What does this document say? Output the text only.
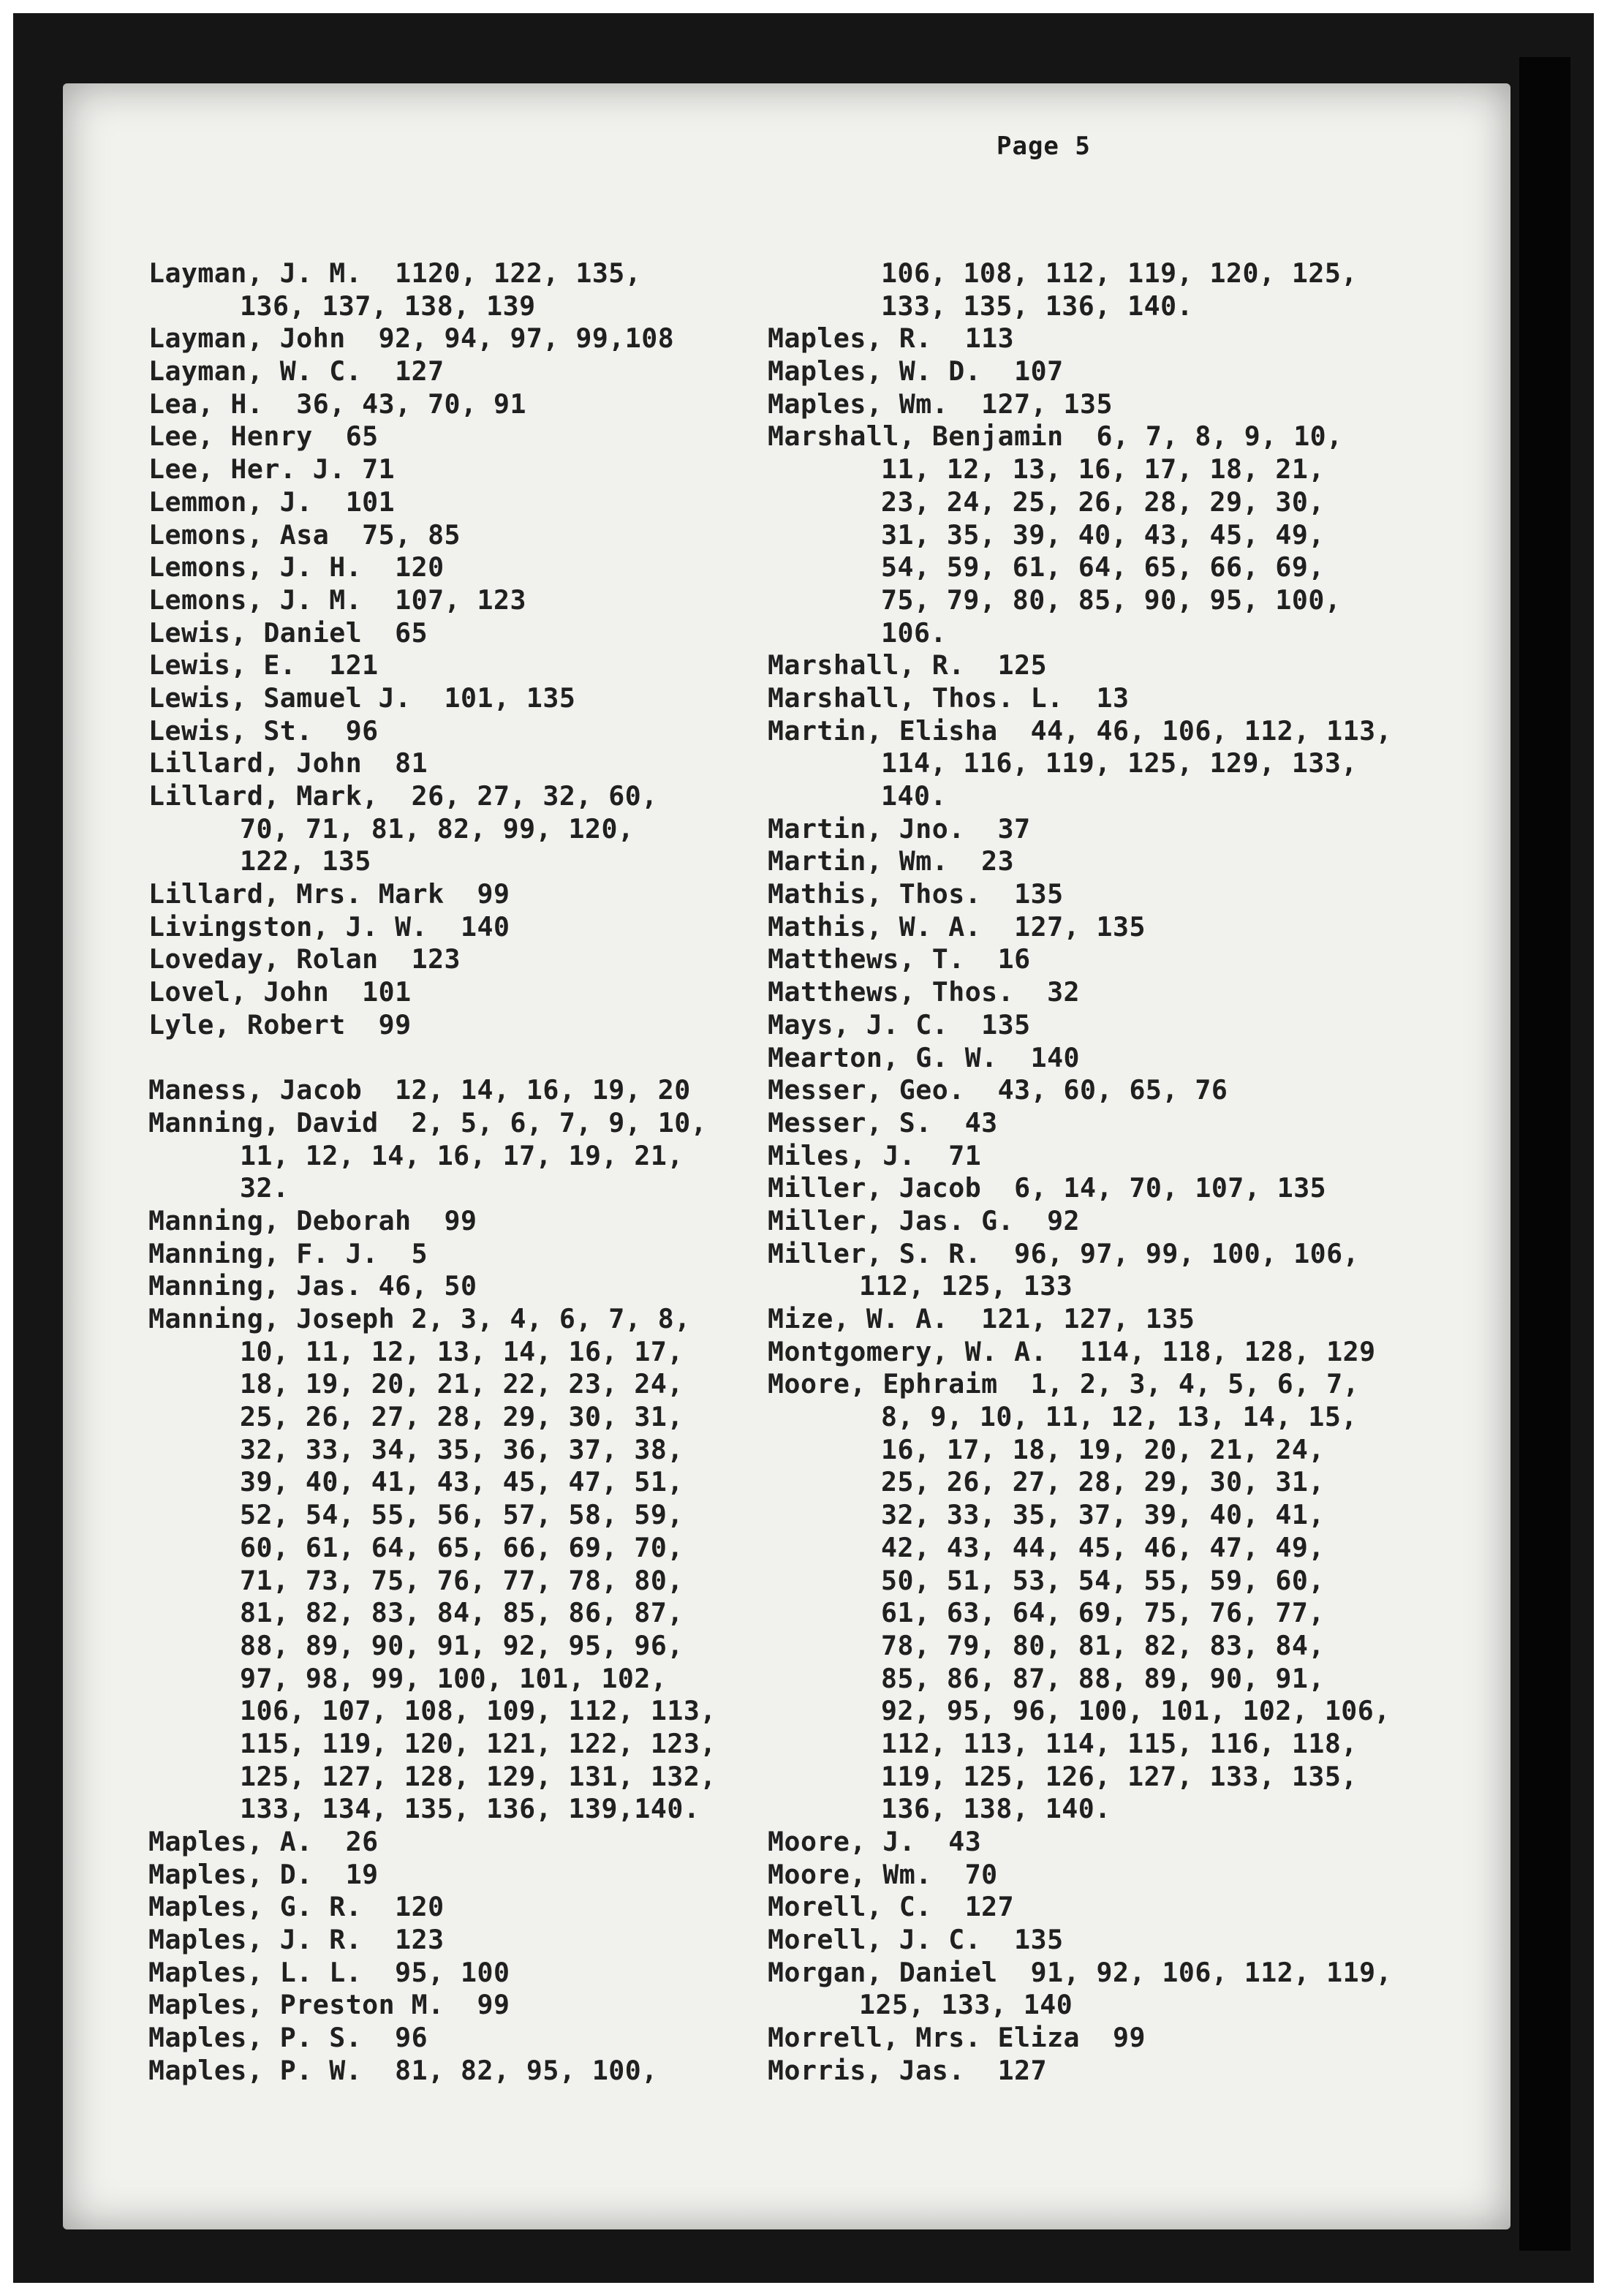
Page 5
Layman, J. M.  1120, 122, 135,
136, 137, 138, 139
Layman, John  92, 94, 97, 99,108
Layman, W. C.  127
Lea, H.  36, 43, 70, 91
Lee, Henry  65
Lee, Her. J. 71
Lemmon, J.  101
Lemons, Asa  75, 85
Lemons, J. H.  120
Lemons, J. M.  107, 123
Lewis, Daniel  65
Lewis, E.  121
Lewis, Samuel J.  101, 135
Lewis, St.  96
Lillard, John  81
Lillard, Mark,  26, 27, 32, 60,
70, 71, 81, 82, 99, 120,
122, 135
Lillard, Mrs. Mark  99
Livingston, J. W.  140
Loveday, Rolan  123
Lovel, John  101
Lyle, Robert  99
Maness, Jacob  12, 14, 16, 19, 20
Manning, David  2, 5, 6, 7, 9, 10,
11, 12, 14, 16, 17, 19, 21,
32.
Manning, Deborah  99
Manning, F. J.  5
Manning, Jas. 46, 50
Manning, Joseph 2, 3, 4, 6, 7, 8,
10, 11, 12, 13, 14, 16, 17,
18, 19, 20, 21, 22, 23, 24,
25, 26, 27, 28, 29, 30, 31,
32, 33, 34, 35, 36, 37, 38,
39, 40, 41, 43, 45, 47, 51,
52, 54, 55, 56, 57, 58, 59,
60, 61, 64, 65, 66, 69, 70,
71, 73, 75, 76, 77, 78, 80,
81, 82, 83, 84, 85, 86, 87,
88, 89, 90, 91, 92, 95, 96,
97, 98, 99, 100, 101, 102,
106, 107, 108, 109, 112, 113,
115, 119, 120, 121, 122, 123,
125, 127, 128, 129, 131, 132,
133, 134, 135, 136, 139,140.
Maples, A.  26
Maples, D.  19
Maples, G. R.  120
Maples, J. R.  123
Maples, L. L.  95, 100
Maples, Preston M.  99
Maples, P. S.  96
Maples, P. W.  81, 82, 95, 100,
106, 108, 112, 119, 120, 125,
133, 135, 136, 140.
Maples, R.  113
Maples, W. D.  107
Maples, Wm.  127, 135
Marshall, Benjamin  6, 7, 8, 9, 10,
11, 12, 13, 16, 17, 18, 21,
23, 24, 25, 26, 28, 29, 30,
31, 35, 39, 40, 43, 45, 49,
54, 59, 61, 64, 65, 66, 69,
75, 79, 80, 85, 90, 95, 100,
106.
Marshall, R.  125
Marshall, Thos. L.  13
Martin, Elisha  44, 46, 106, 112, 113,
114, 116, 119, 125, 129, 133,
140.
Martin, Jno.  37
Martin, Wm.  23
Mathis, Thos.  135
Mathis, W. A.  127, 135
Matthews, T.  16
Matthews, Thos.  32
Mays, J. C.  135
Mearton, G. W.  140
Messer, Geo.  43, 60, 65, 76
Messer, S.  43
Miles, J.  71
Miller, Jacob  6, 14, 70, 107, 135
Miller, Jas. G.  92
Miller, S. R.  96, 97, 99, 100, 106,
112, 125, 133
Mize, W. A.  121, 127, 135
Montgomery, W. A.  114, 118, 128, 129
Moore, Ephraim  1, 2, 3, 4, 5, 6, 7,
8, 9, 10, 11, 12, 13, 14, 15,
16, 17, 18, 19, 20, 21, 24,
25, 26, 27, 28, 29, 30, 31,
32, 33, 35, 37, 39, 40, 41,
42, 43, 44, 45, 46, 47, 49,
50, 51, 53, 54, 55, 59, 60,
61, 63, 64, 69, 75, 76, 77,
78, 79, 80, 81, 82, 83, 84,
85, 86, 87, 88, 89, 90, 91,
92, 95, 96, 100, 101, 102, 106,
112, 113, 114, 115, 116, 118,
119, 125, 126, 127, 133, 135,
136, 138, 140.
Moore, J.  43
Moore, Wm.  70
Morell, C.  127
Morell, J. C.  135
Morgan, Daniel  91, 92, 106, 112, 119,
125, 133, 140
Morrell, Mrs. Eliza  99
Morris, Jas.  127
